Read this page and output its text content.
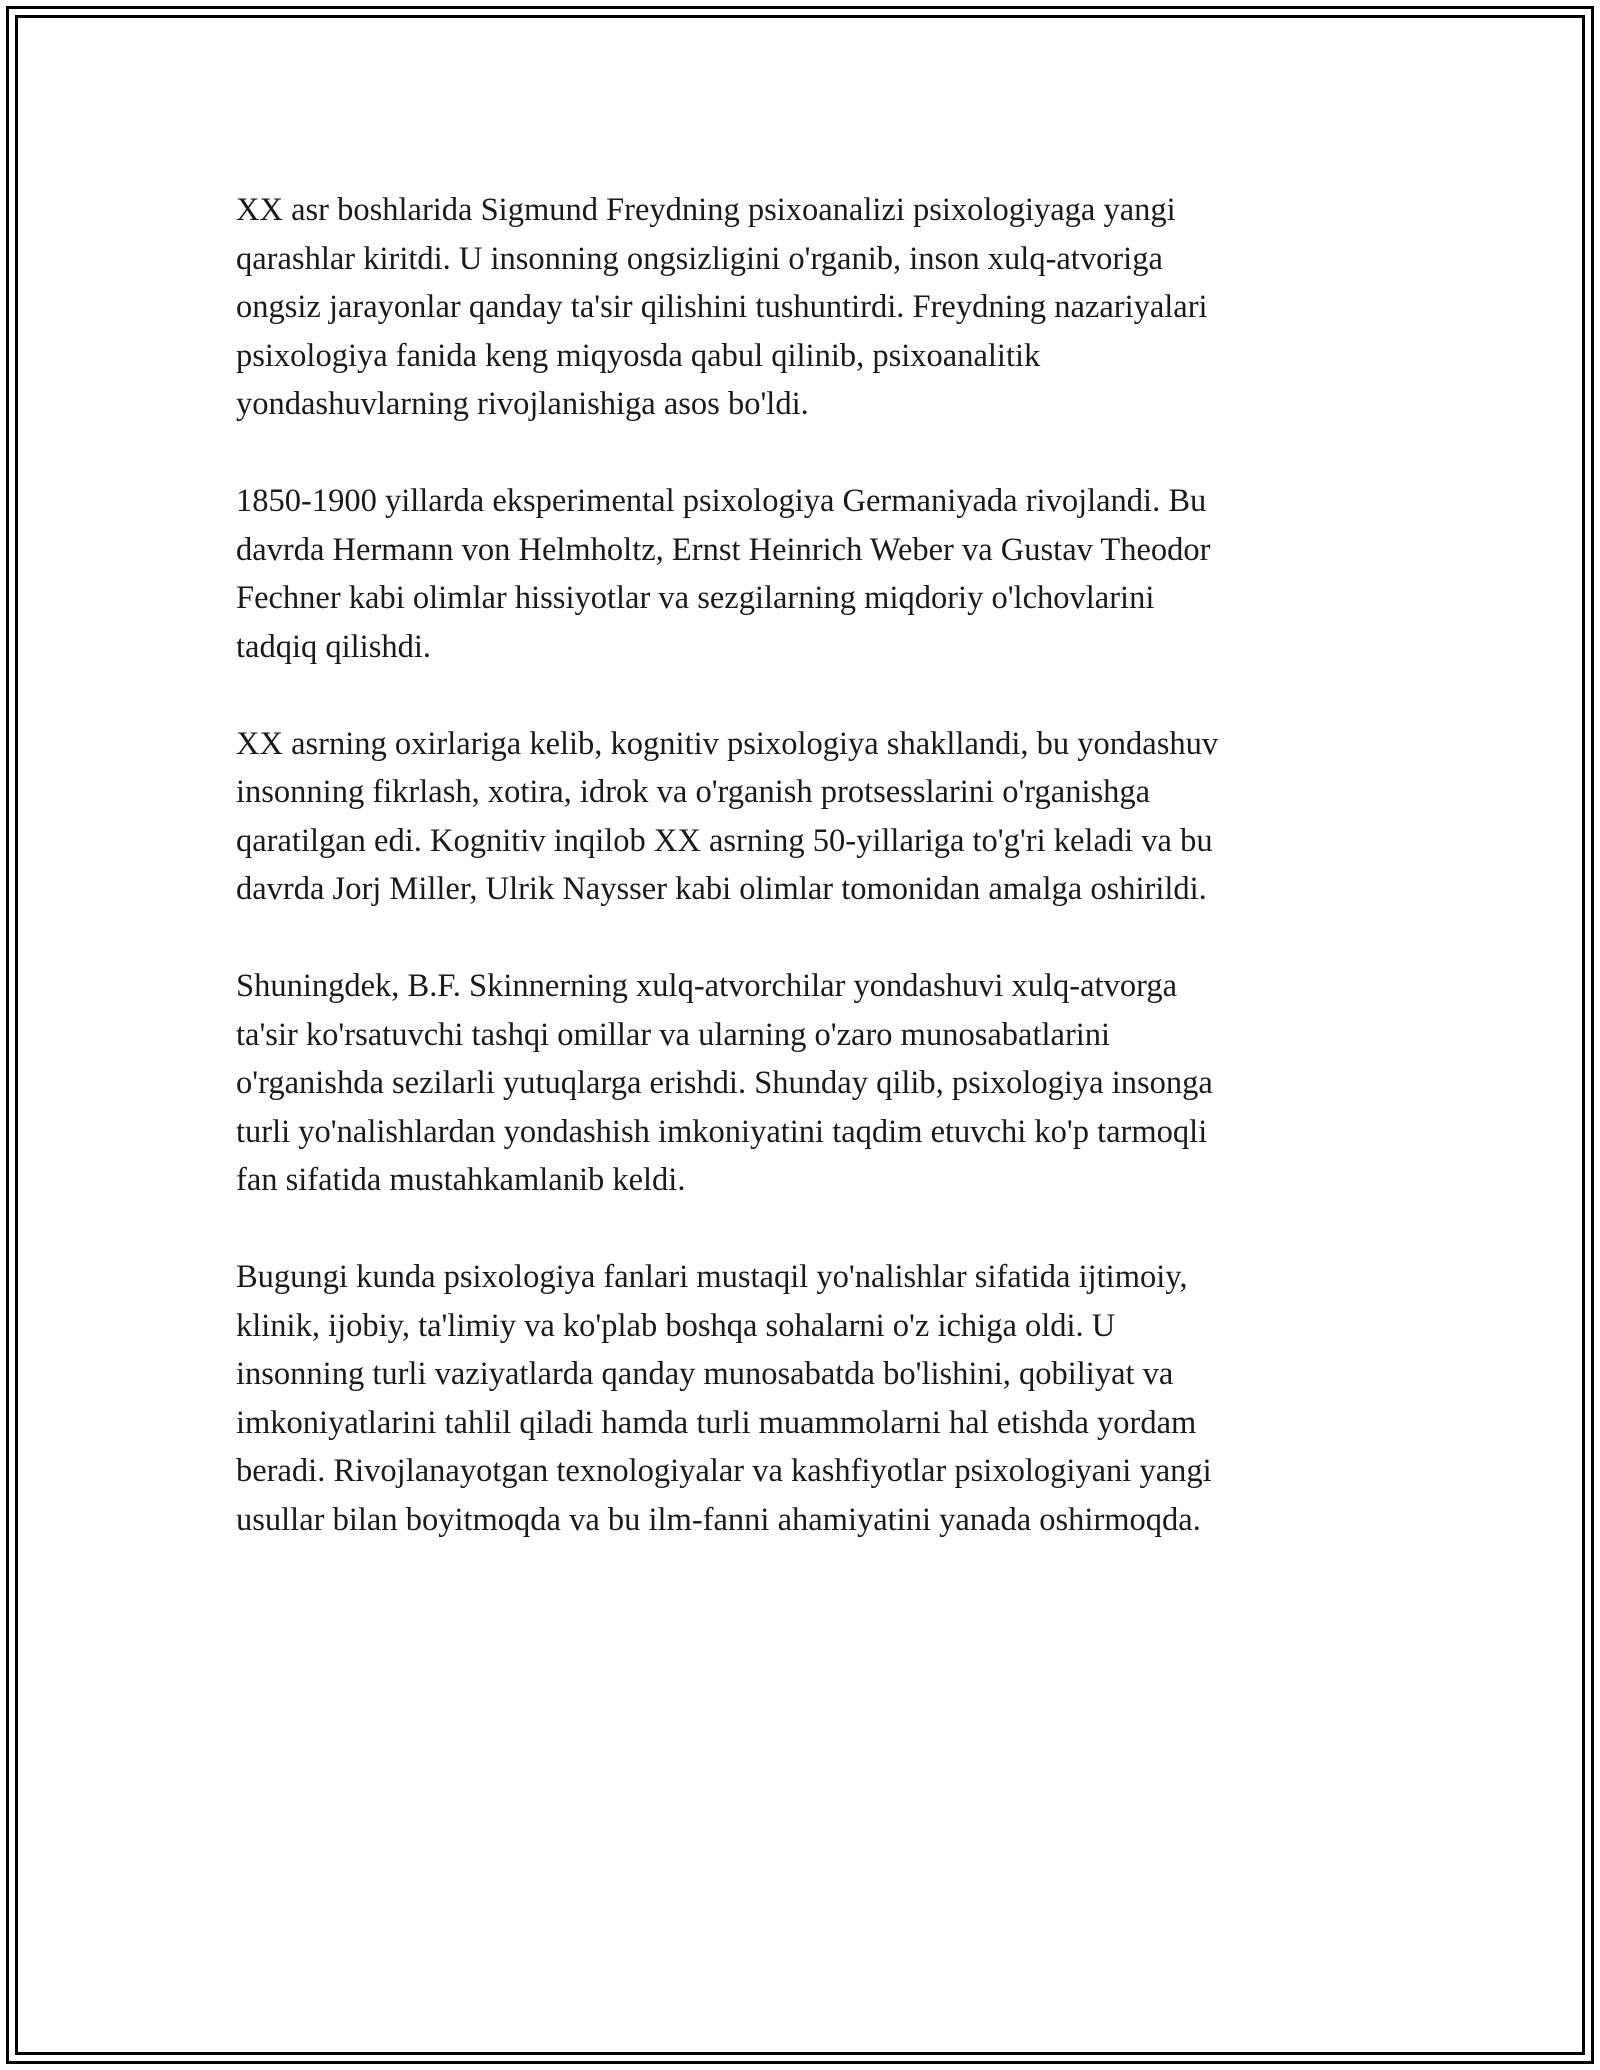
XX asr boshlarida Sigmund Freydning psixoanalizi psixologiyaga yangi
qarashlar kiritdi. U insonning ongsizligini o'rganib, inson xulq-atvoriga
ongsiz jarayonlar qanday ta'sir qilishini tushuntirdi. Freydning nazariyalari
psixologiya fanida keng miqyosda qabul qilinib, psixoanalitik
yondashuvlarning rivojlanishiga asos bo'ldi.

1850-1900 yillarda eksperimental psixologiya Germaniyada rivojlandi. Bu
davrda Hermann von Helmholtz, Ernst Heinrich Weber va Gustav Theodor
Fechner kabi olimlar hissiyotlar va sezgilarning miqdoriy o'lchovlarini
tadqiq qilishdi.

XX asrning oxirlariga kelib, kognitiv psixologiya shakllandi, bu yondashuv
insonning fikrlash, xotira, idrok va o'rganish protsesslarini o'rganishga
qaratilgan edi. Kognitiv inqilob XX asrning 50-yillariga to'g'ri keladi va bu
davrda Jorj Miller, Ulrik Naysser kabi olimlar tomonidan amalga oshirildi.

Shuningdek, B.F. Skinnerning xulq-atvorchilar yondashuvi xulq-atvorga
ta'sir ko'rsatuvchi tashqi omillar va ularning o'zaro munosabatlarini
o'rganishda sezilarli yutuqlarga erishdi. Shunday qilib, psixologiya insonga
turli yo'nalishlardan yondashish imkoniyatini taqdim etuvchi ko'p tarmoqli
fan sifatida mustahkamlanib keldi.

Bugungi kunda psixologiya fanlari mustaqil yo'nalishlar sifatida ijtimoiy,
klinik, ijobiy, ta'limiy va ko'plab boshqa sohalarni o'z ichiga oldi. U
insonning turli vaziyatlarda qanday munosabatda bo'lishini, qobiliyat va
imkoniyatlarini tahlil qiladi hamda turli muammolarni hal etishda yordam
beradi. Rivojlanayotgan texnologiyalar va kashfiyotlar psixologiyani yangi
usullar bilan boyitmoqda va bu ilm-fanni ahamiyatini yanada oshirmoqda.
